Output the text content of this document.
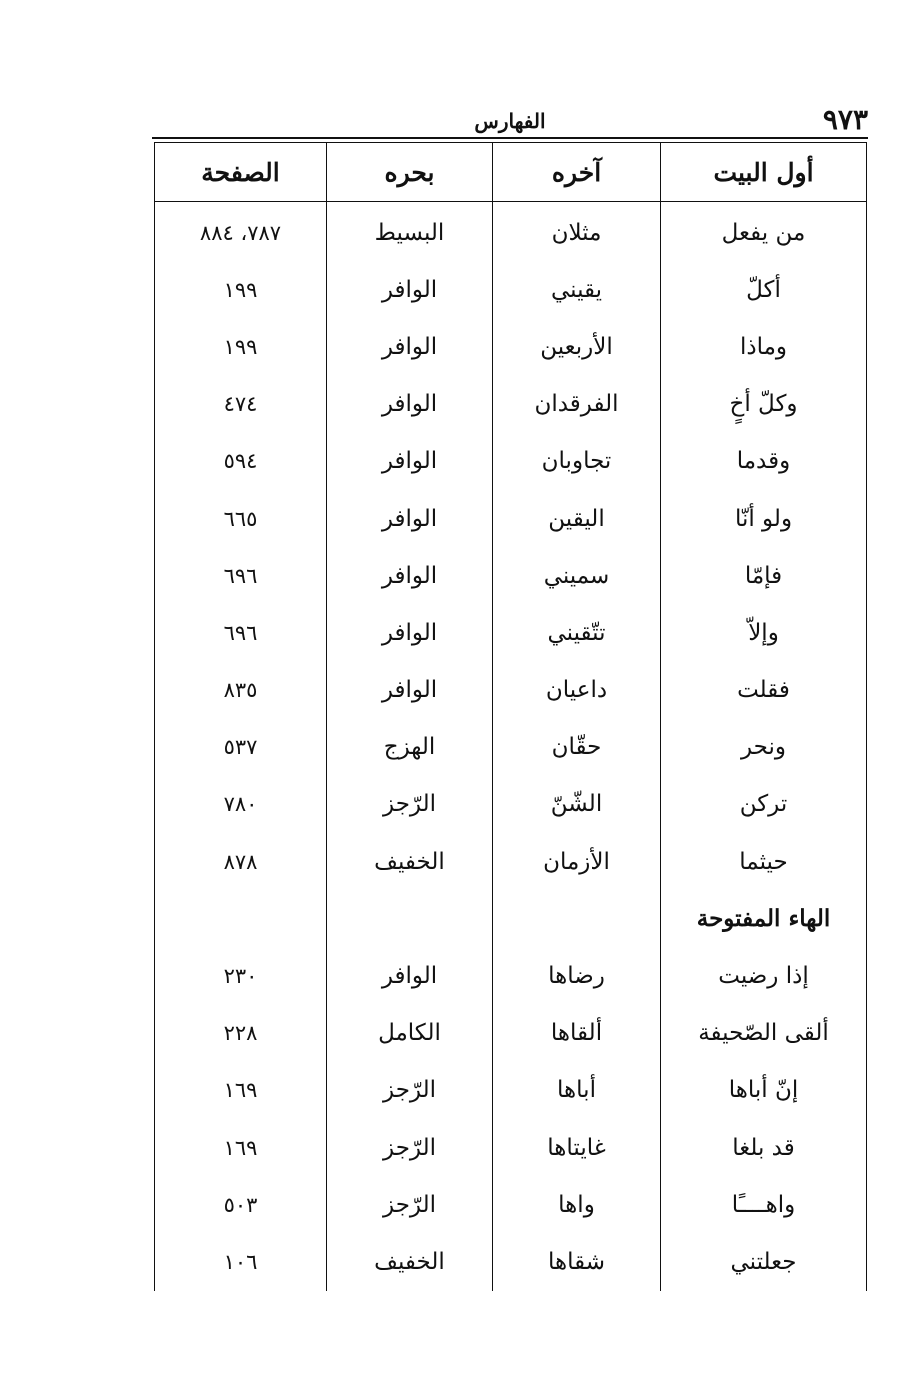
٩٧٣
الفهارس
أول البيت	آخره	بحره	الصفحة
من يفعل	مثلان	البسيط	٧٨٧، ٨٨٤
أكلّ	يقيني	الوافر	١٩٩
وماذا	الأربعين	الوافر	١٩٩
وكلّ أخٍ	الفرقدان	الوافر	٤٧٤
وقدما	تجاوبان	الوافر	٥٩٤
ولو أنّا	اليقين	الوافر	٦٦٥
فإمّا	سميني	الوافر	٦٩٦
وإلاّ	تتّقيني	الوافر	٦٩٦
فقلت	داعيان	الوافر	٨٣٥
ونحر	حقّان	الهزج	٥٣٧
تركن	الشّنّ	الرّجز	٧٨٠
حيثما	الأزمان	الخفيف	٨٧٨
الهاء المفتوحة			
إذا رضيت	رضاها	الوافر	٢٣٠
ألقى الصّحيفة	ألقاها	الكامل	٢٢٨
إنّ أباها	أباها	الرّجز	١٦٩
قد بلغا	غايتاها	الرّجز	١٦٩
واهــــًا	واها	الرّجز	٥٠٣
جعلتني	شقاها	الخفيف	١٠٦
